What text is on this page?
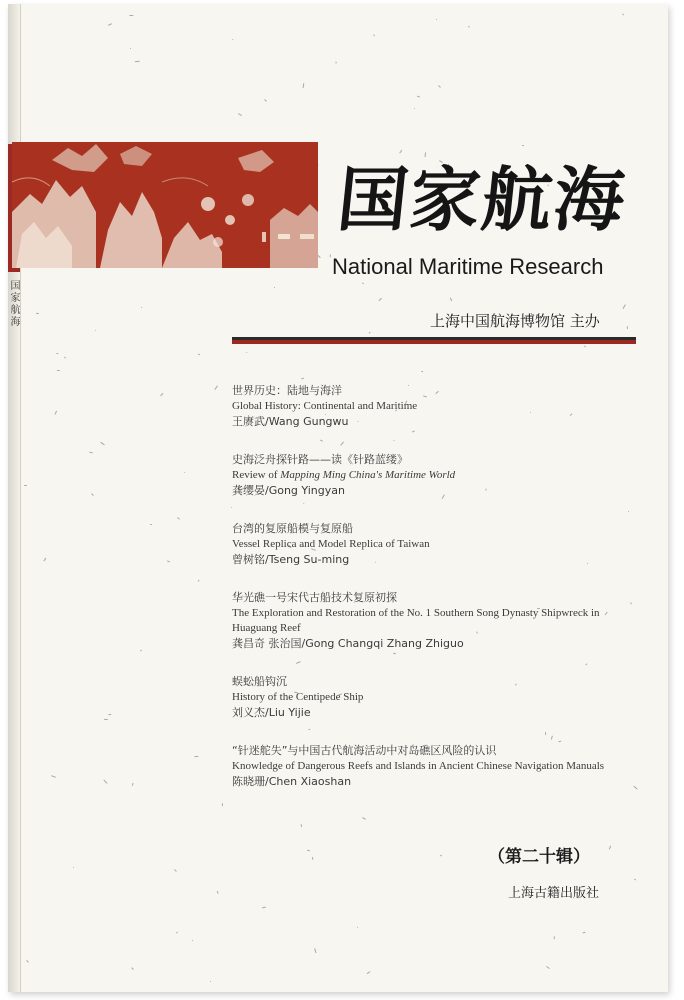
国家航海
国家航海
National Maritime Research
上海中国航海博物馆 主办
世界历史：陆地与海洋
Global History: Continental and Maritime
王赓武/Wang Gungwu
史海泛舟探针路——读《针路蓝缕》
Review of Mapping Ming China's Maritime World
龚缨晏/Gong Yingyan
台湾的复原船模与复原船
Vessel Replica and Model Replica of Taiwan
曾树铭/Tseng Su-ming
华光礁一号宋代古船技术复原初探
The Exploration and Restoration of the No. 1 Southern Song Dynasty Shipwreck in Huaguang Reef
龚昌奇 张治国/Gong Changqi Zhang Zhiguo
蜈蚣船钩沉
History of the Centipede Ship
刘义杰/Liu Yijie
“针迷舵失”与中国古代航海活动中对岛礁区风险的认识
Knowledge of Dangerous Reefs and Islands in Ancient Chinese Navigation Manuals
陈晓珊/Chen Xiaoshan
（第二十辑）
上海古籍出版社
